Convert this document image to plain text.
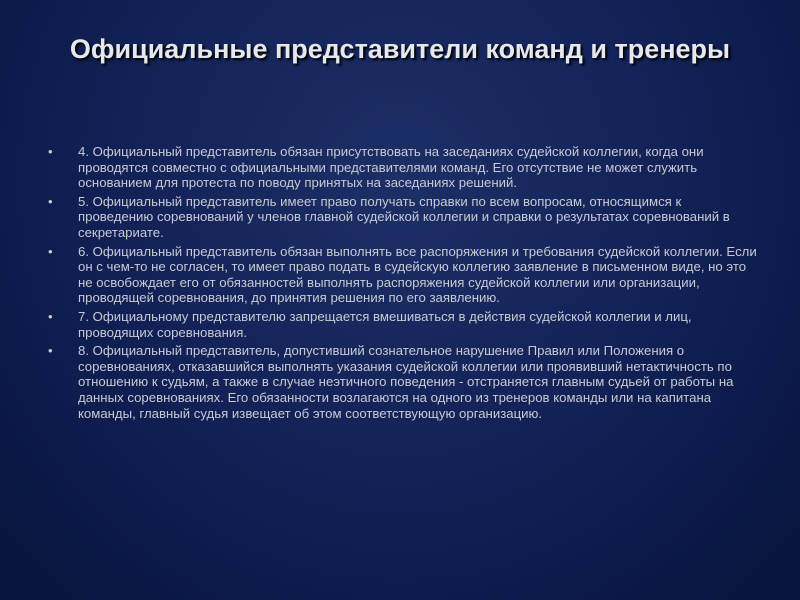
Официальные представители команд и тренеры
• 4. Официальный представитель обязан присутствовать на заседаниях судейской коллегии, когда они проводятся совместно с официальными представителями команд. Его отсутствие не может служить основанием для протеста по поводу принятых на заседаниях решений.
• 5. Официальный представитель имеет право получать справки по всем вопросам, относящимся к проведению соревнований у членов главной судейской коллегии и справки о результатах соревнований в секретариате.
• 6. Официальный представитель обязан выполнять все распоряжения и требования судейской коллегии. Если он с чем-то не согласен, то имеет право подать в судейскую коллегию заявление в письменном виде, но это не освобождает его от обязанностей выполнять распоряжения судейской коллегии или организации, проводящей соревнования, до принятия решения по его заявлению.
• 7. Официальному представителю запрещается вмешиваться в действия судейской коллегии и лиц, проводящих соревнования.
• 8. Официальный представитель, допустивший сознательное нарушение Правил или Положения о соревнованиях, отказавшийся выполнять указания судейской коллегии или проявивший нетактичность по отношению к судьям, а также в случае неэтичного поведения - отстраняется главным судьей от работы на данных соревнованиях. Его обязанности возлагаются на одного из тренеров команды или на капитана команды, главный судья извещает об этом соответствующую организацию.
